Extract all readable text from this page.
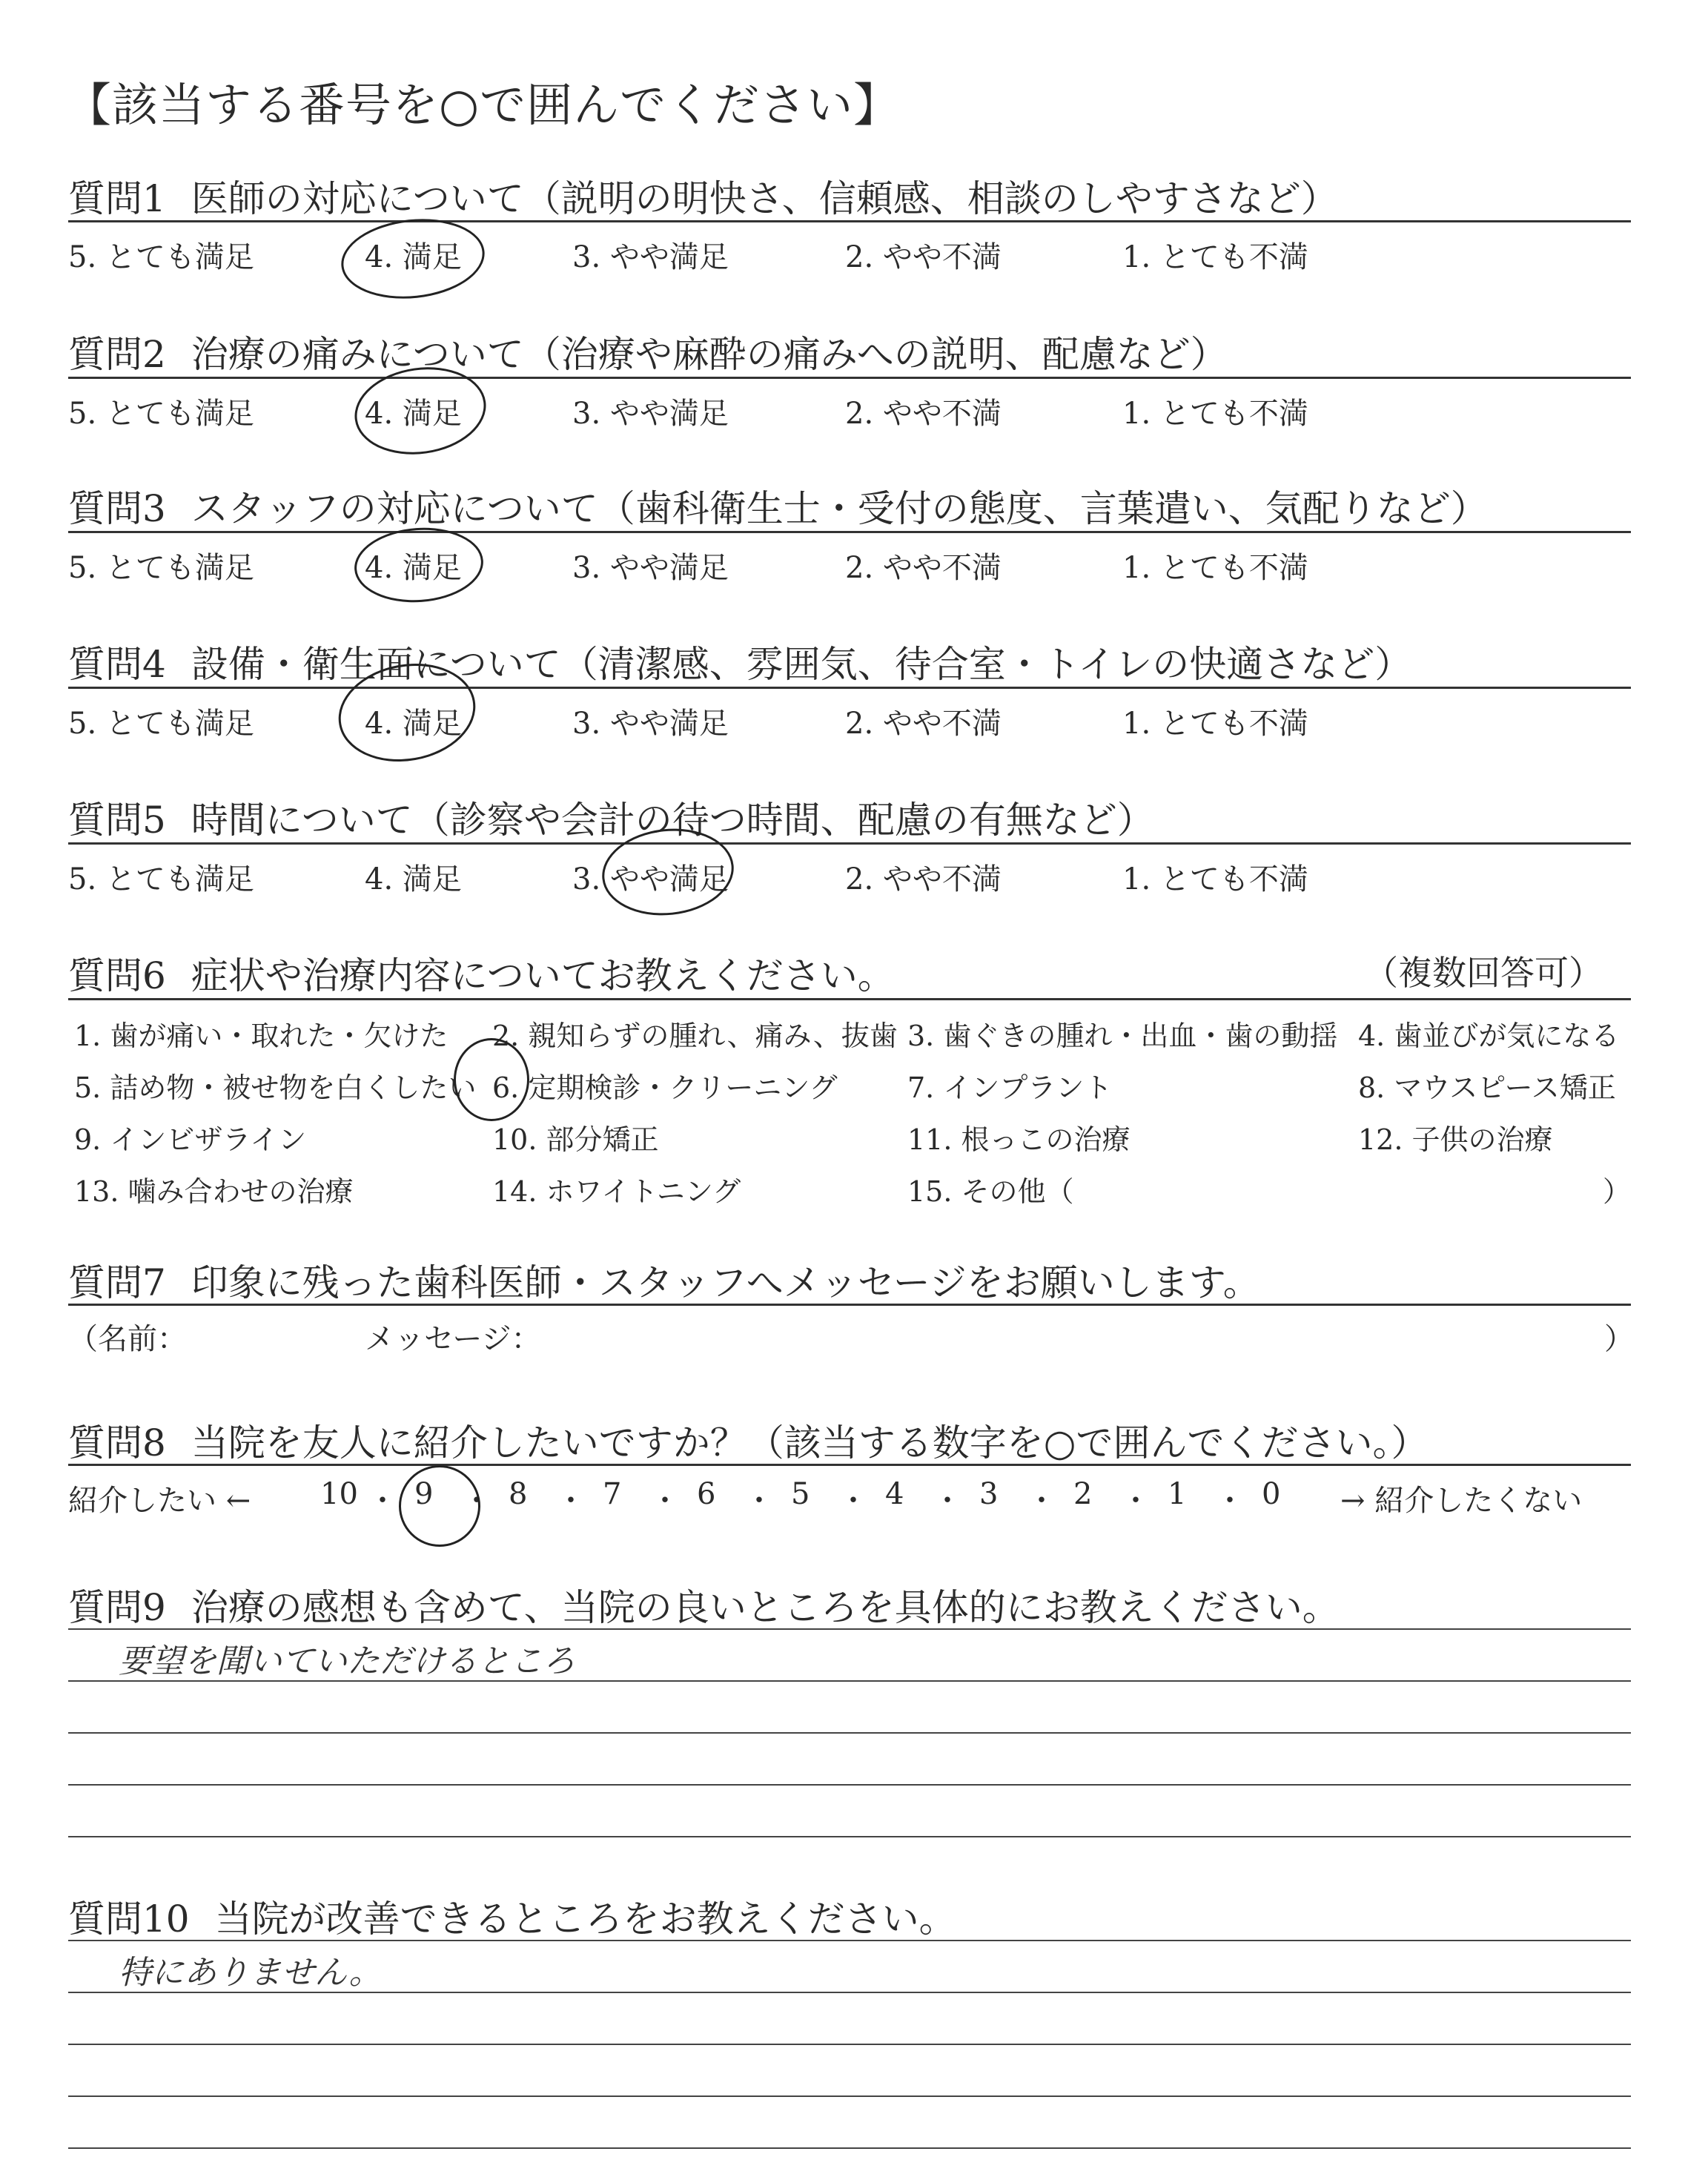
【該当する番号を○で囲んでください】
質問1 医師の対応について（説明の明快さ、信頼感、相談のしやすさなど）
5. とても満足	4. 満足	3. やや満足	2. やや不満	1. とても不満
質問2 治療の痛みについて（治療や麻酔の痛みへの説明、配慮など）
5. とても満足	4. 満足	3. やや満足	2. やや不満	1. とても不満
質問3 スタッフの対応について（歯科衛生士・受付の態度、言葉遣い、気配りなど）
5. とても満足	4. 満足	3. やや満足	2. やや不満	1. とても不満
質問4 設備・衛生面について（清潔感、雰囲気、待合室・トイレの快適さなど）
5. とても満足	4. 満足	3. やや満足	2. やや不満	1. とても不満
質問5 時間について（診察や会計の待つ時間、配慮の有無など）
5. とても満足	4. 満足	3. やや満足	2. やや不満	1. とても不満
質問6 症状や治療内容についてお教えください。	（複数回答可）
1. 歯が痛い・取れた・欠けた 2. 親知らずの腫れ、痛み、抜歯 3. 歯ぐきの腫れ・出血・歯の動揺 4. 歯並びが気になる
5. 詰め物・被せ物を白くしたい 6. 定期検診・クリーニング 7. インプラント	8. マウスピース矯正
9. インビザライン	10. 部分矯正	11. 根っこの治療	12. 子供の治療
13. 噛み合わせの治療	14. ホワイトニング	15. その他（	）
質問7 印象に残った歯科医師・スタッフへメッセージをお願いします。
（名前：	メッセージ：	）
質問8 当院を友人に紹介したいですか？（該当する数字を○で囲んでください。）
紹介したい ← 10 ・ 9 ・ 8 ・ 7 ・ 6 ・ 5 ・ 4 ・ 3 ・ 2 ・ 1 ・ 0 → 紹介したくない
質問9 治療の感想も含めて、当院の良いところを具体的にお教えください。
要望を聞いていただけるところ
質問10 当院が改善できるところをお教えください。
特にありません。
